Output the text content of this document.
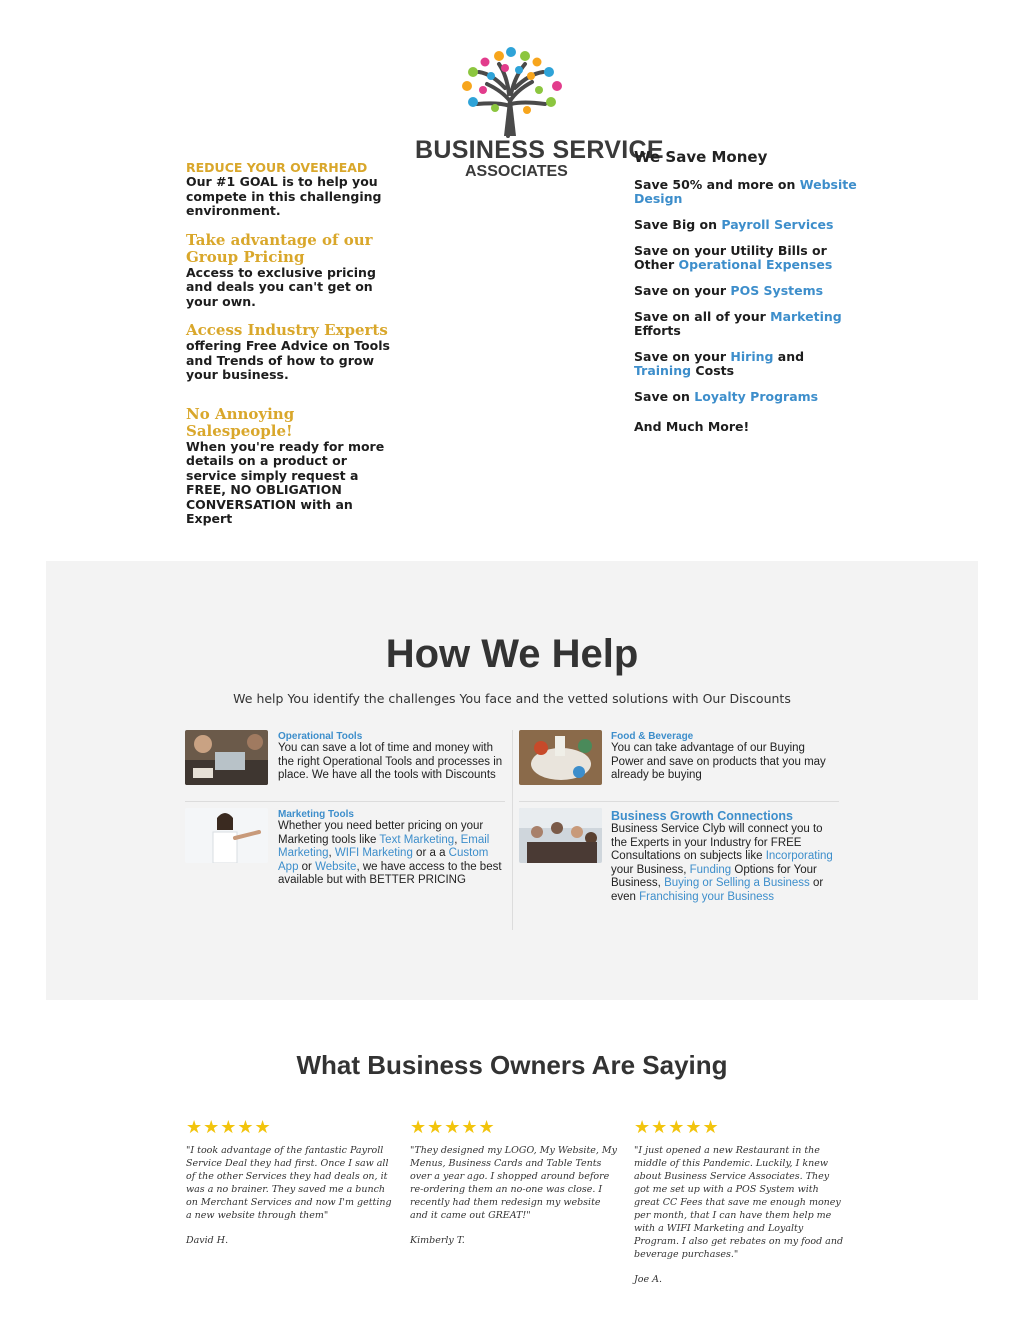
BUSINESS SERVICE
ASSOCIATES
REDUCE YOUR OVERHEAD
Our #1 GOAL is to help you compete in this challenging environment.
Take advantage of our Group Pricing
Access to exclusive pricing and deals you can't get on your own.
Access Industry Experts
offering Free Advice on Tools and Trends of how to grow your business.
No Annoying Salespeople!
When you're ready for more details on a product or service simply request a FREE, NO OBLIGATION CONVERSATION with an Expert
We Save Money
Save 50% and more on Website Design
Save Big on Payroll Services
Save on your Utility Bills or Other Operational Expenses
Save on your POS Systems
Save on all of your Marketing Efforts
Save on your Hiring and Training Costs
Save on Loyalty Programs
And Much More!
How We Help
We help You identify the challenges You face and the vetted solutions with Our Discounts
Operational Tools
You can save a lot of time and money with the right Operational Tools and processes in place. We have all the tools with Discounts
Food & Beverage
You can take advantage of our Buying Power and save on products that you may already be buying
Marketing Tools
Whether you need better pricing on your Marketing tools like Text Marketing, Email Marketing, WIFI Marketing or a a Custom App or Website, we have access to the best available but with BETTER PRICING
Business Growth Connections
Business Service Clyb will connect you to the Experts in your Industry for FREE Consultations on subjects like Incorporating your Business, Funding Options for Your Business, Buying or Selling a Business or even Franchising your Business
What Business Owners Are Saying
★★★★★
"I took advantage of the fantastic Payroll Service Deal they had first. Once I saw all of the other Services they had deals on, it was a no brainer. They saved me a bunch on Merchant Services and now I'm getting a new website through them"
David H.
★★★★★
"They designed my LOGO, My Website, My Menus, Business Cards and Table Tents over a year ago. I shopped around before re-ordering them an no-one was close. I recently had them redesign my website and it came out GREAT!"
Kimberly T.
★★★★★
"I just opened a new Restaurant in the middle of this Pandemic. Luckily, I knew about Business Service Associates. They got me set up with a POS System with great CC Fees that save me enough money per month, that I can have them help me with a WIFI Marketing and Loyalty Program. I also get rebates on my food and beverage purchases."
Joe A.
